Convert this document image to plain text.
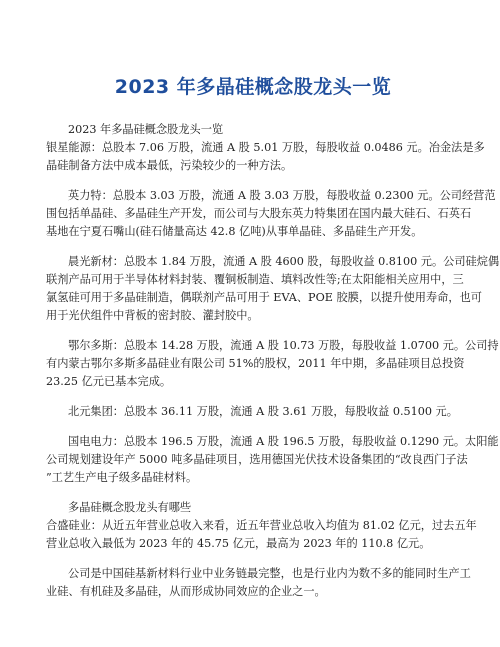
2023 年多晶硅概念股龙头一览

2023 年多晶硅概念股龙头一览
银星能源：总股本 7.06 万股，流通 A 股 5.01 万股，每股收益 0.0486 元。冶金法是多
晶硅制备方法中成本最低，污染较少的一种方法。

英力特：总股本 3.03 万股，流通 A 股 3.03 万股，每股收益 0.2300 元。公司经营范
围包括单晶硅、多晶硅生产开发，而公司与大股东英力特集团在国内最大硅石、石英石
基地在宁夏石嘴山(硅石储量高达 42.8 亿吨)从事单晶硅、多晶硅生产开发。

晨光新材：总股本 1.84 万股，流通 A 股 4600 股，每股收益 0.8100 元。公司硅烷偶
联剂产品可用于半导体材料封装、覆铜板制造、填料改性等;在太阳能相关应用中，三
氯氢硅可用于多晶硅制造，偶联剂产品可用于 EVA、POE 胶膜，以提升使用寿命，也可
用于光伏组件中背板的密封胶、灌封胶中。

鄂尔多斯：总股本 14.28 万股，流通 A 股 10.73 万股，每股收益 1.0700 元。公司持
有内蒙古鄂尔多斯多晶硅业有限公司 51%的股权，2011 年中期，多晶硅项目总投资
23.25 亿元已基本完成。

北元集团：总股本 36.11 万股，流通 A 股 3.61 万股，每股收益 0.5100 元。

国电电力：总股本 196.5 万股，流通 A 股 196.5 万股，每股收益 0.1290 元。太阳能
公司规划建设年产 5000 吨多晶硅项目，选用德国光伏技术设备集团的“改良西门子法
”工艺生产电子级多晶硅材料。

多晶硅概念股龙头有哪些
合盛硅业：从近五年营业总收入来看，近五年营业总收入均值为 81.02 亿元，过去五年
营业总收入最低为 2023 年的 45.75 亿元，最高为 2023 年的 110.8 亿元。

公司是中国硅基新材料行业中业务链最完整，也是行业内为数不多的能同时生产工
业硅、有机硅及多晶硅，从而形成协同效应的企业之一。
